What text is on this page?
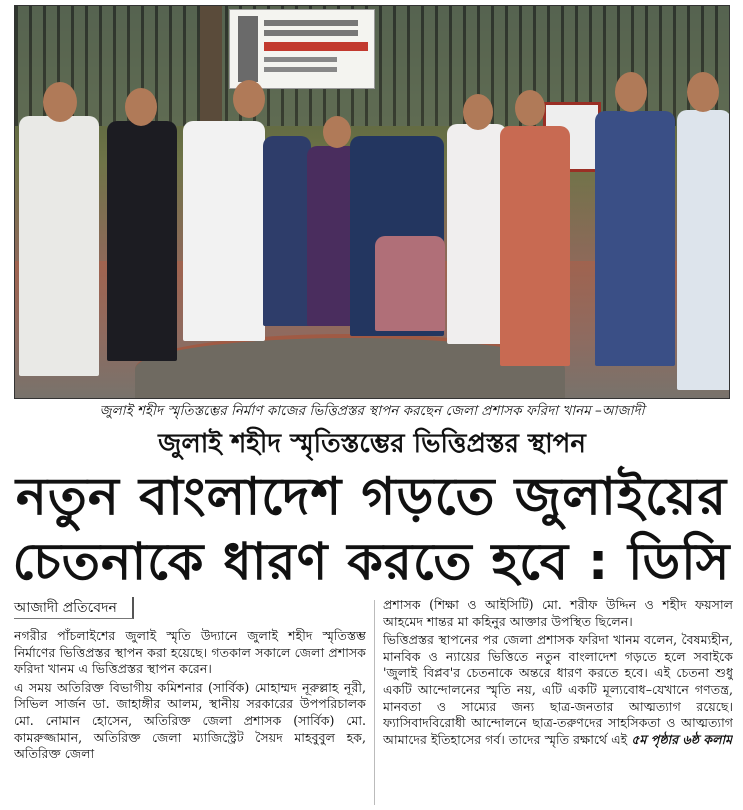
জুলাই শহীদ স্মৃতিস্তম্ভের নির্মাণ কাজের ভিত্তিপ্রস্তর স্থাপন করছেন জেলা প্রশাসক ফরিদা খানম –আজাদী
জুলাই শহীদ স্মৃতিস্তম্ভের ভিত্তিপ্রস্তর স্থাপন
নতুন বাংলাদেশ গড়তে জুলাইয়ের
চেতনাকে ধারণ করতে হবে : ডিসি
আজাদী প্রতিবেদন

নগরীর পাঁচলাইশের জুলাই স্মৃতি উদ্যানে জুলাই শহীদ স্মৃতিস্তম্ভ নির্মাণের ভিত্তিপ্রস্তর স্থাপন করা হয়েছে। গতকাল সকালে জেলা প্রশাসক ফরিদা খানম এ ভিত্তিপ্রস্তর স্থাপন করেন।

এ সময় অতিরিক্ত বিভাগীয় কমিশনার (সার্বিক) মোহাম্মদ নূরুল্লাহ নূরী, সিভিল সার্জন ডা. জাহাঙ্গীর আলম, স্থানীয় সরকারের উপপরিচালক মো. নোমান হোসেন, অতিরিক্ত জেলা প্রশাসক (সার্বিক) মো. কামরুজ্জামান, অতিরিক্ত জেলা ম্যাজিস্ট্রেট সৈয়দ মাহবুবুল হক, অতিরিক্ত জেলা

প্রশাসক (শিক্ষা ও আইসিটি) মো. শরীফ উদ্দিন ও শহীদ ফয়সাল আহমেদ শান্তর মা কহিনুর আক্তার উপস্থিত ছিলেন।

ভিত্তিপ্রস্তর স্থাপনের পর জেলা প্রশাসক ফরিদা খানম বলেন, বৈষম্যহীন, মানবিক ও ন্যায়ের ভিত্তিতে নতুন বাংলাদেশ গড়তে হলে সবাইকে 'জুলাই বিপ্লব'র চেতনাকে অন্তরে ধারণ করতে হবে। এই চেতনা শুধু একটি আন্দোলনের স্মৃতি নয়, এটি একটি মূল্যবোধ–যেখানে গণতন্ত্র, মানবতা ও সাম্যের জন্য ছাত্র-জনতার আত্মত্যাগ রয়েছে। ফ্যাসিবাদবিরোধী আন্দোলনে ছাত্র-তরুণদের সাহসিকতা ও আত্মত্যাগ আমাদের ইতিহাসের গর্ব। তাদের স্মৃতি রক্ষার্থে এই ৫ম পৃষ্ঠার ৬ষ্ঠ কলাম
